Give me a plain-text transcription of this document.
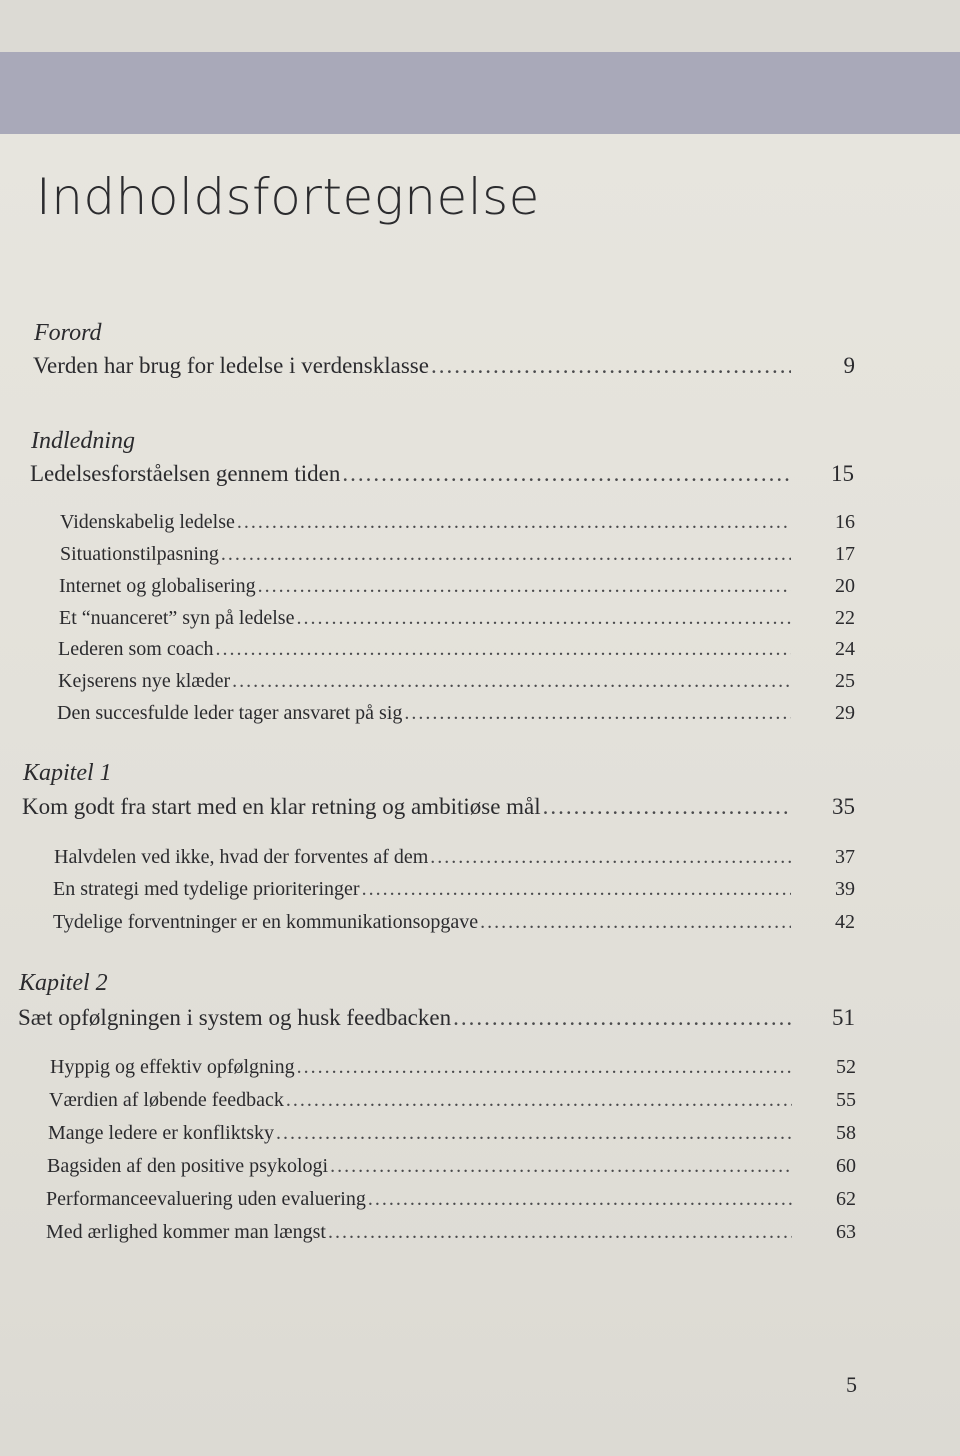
Indholdsfortegnelse
Forord
Verden har brug for ledelse i verdensklasse .....	9
Indledning
Ledelsesforståelsen gennem tiden .....	15
Videnskabelig ledelse .....	16
Situationstilpasning .....	17
Internet og globalisering .....	20
Et “nuanceret” syn på ledelse .....	22
Lederen som coach .....	24
Kejserens nye klæder .....	25
Den succesfulde leder tager ansvaret på sig .....	29
Kapitel 1
Kom godt fra start med en klar retning og ambitiøse mål .....	35
Halvdelen ved ikke, hvad der forventes af dem .....	37
En strategi med tydelige prioriteringer .....	39
Tydelige forventninger er en kommunikationsopgave .....	42
Kapitel 2
Sæt opfølgningen i system og husk feedbacken .....	51
Hyppig og effektiv opfølgning .....	52
Værdien af løbende feedback .....	55
Mange ledere er konfliktsky .....	58
Bagsiden af den positive psykologi .....	60
Performanceevaluering uden evaluering .....	62
Med ærlighed kommer man længst .....	63
5
